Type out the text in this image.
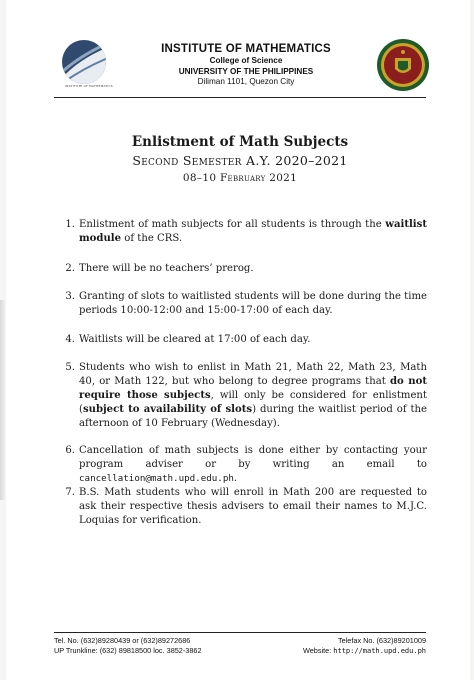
INSTITUTE OF MATHEMATICS
INSTITUTE OF MATHEMATICS
College of Science
UNIVERSITY OF THE PHILIPPINES
Diliman 1101, Quezon City
Enlistment of Math Subjects
Second Semester A.Y. 2020–2021
08–10 February 2021
1. Enlistment of math subjects for all students is through the waitlist module of the CRS.
2. There will be no teachers’ prerog.
3. Granting of slots to waitlisted students will be done during the time periods 10:00-12:00 and 15:00-17:00 of each day.
4. Waitlists will be cleared at 17:00 of each day.
5. Students who wish to enlist in Math 21, Math 22, Math 23, Math 40, or Math 122, but who belong to degree programs that do not require those subjects, will only be considered for enlistment (subject to availability of slots) during the waitlist period of the afternoon of 10 February (Wednesday).
6. Cancellation of math subjects is done either by contacting your program adviser or by writing an email to cancellation@math.upd.edu.ph.
7. B.S. Math students who will enroll in Math 200 are requested to ask their respective thesis advisers to email their names to M.J.C. Loquias for verification.
Tel. No. (632)89280439 or (632)89272686
UP Trunkline: (632) 89818500 loc. 3852-3862
Telefax No. (632)89201009
Website: http://math.upd.edu.ph
